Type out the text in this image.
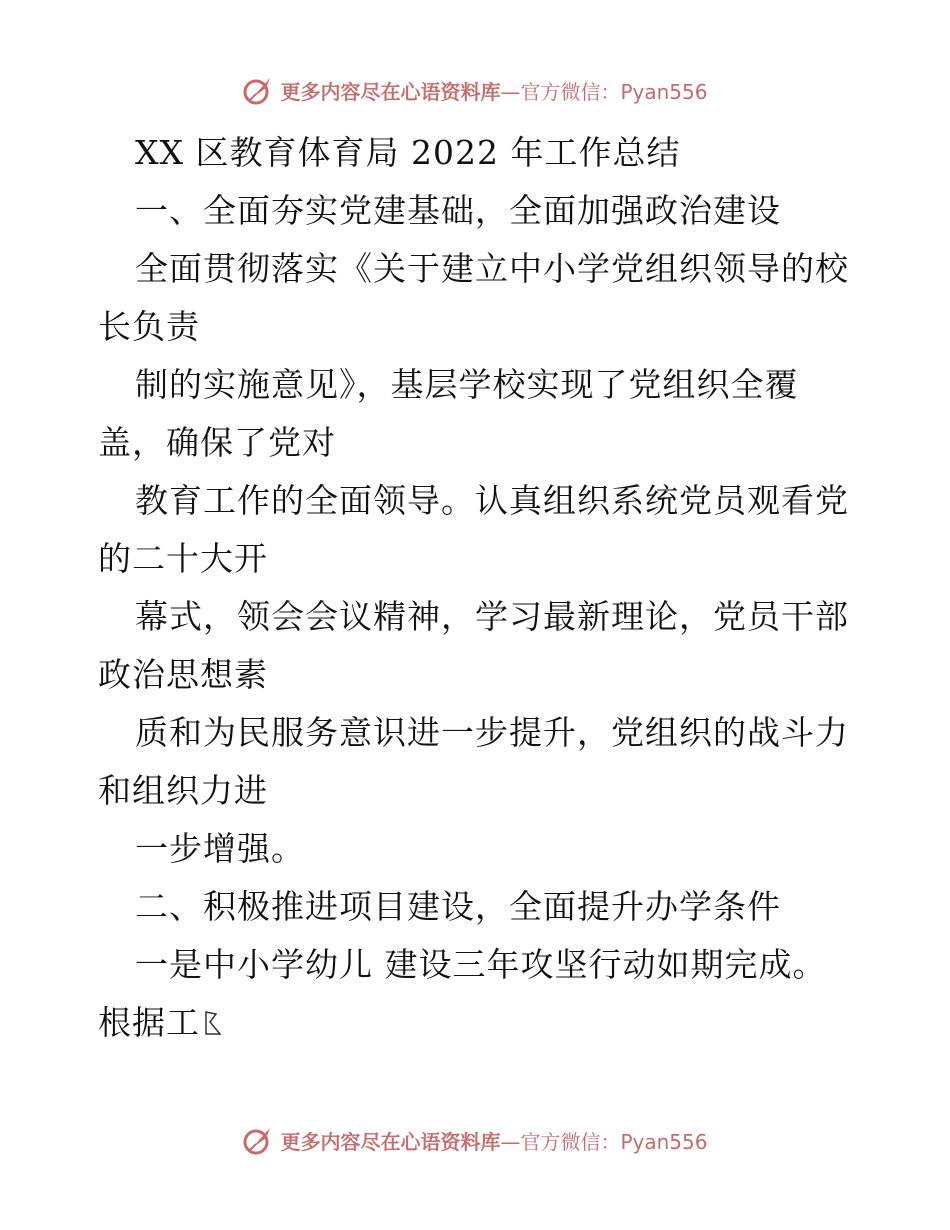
更多内容尽在心语资料库—官方微信：Pyan556
XX 区教育体育局 2022 年工作总结
一、全面夯实党建基础，全面加强政治建设
全面贯彻落实《关于建立中小学党组织领导的校
长负责
制的实施意见》，基层学校实现了党组织全覆
盖，确保了党对
教育工作的全面领导。认真组织系统党员观看党
的二十大开
幕式，领会会议精神，学习最新理论，党员干部
政治思想素
质和为民服务意识进一步提升，党组织的战斗力
和组织力进
一步增强。
二、积极推进项目建设，全面提升办学条件
一是中小学幼儿 建设三年攻坚行动如期完成。
根据工
更多内容尽在心语资料库—官方微信：Pyan556
